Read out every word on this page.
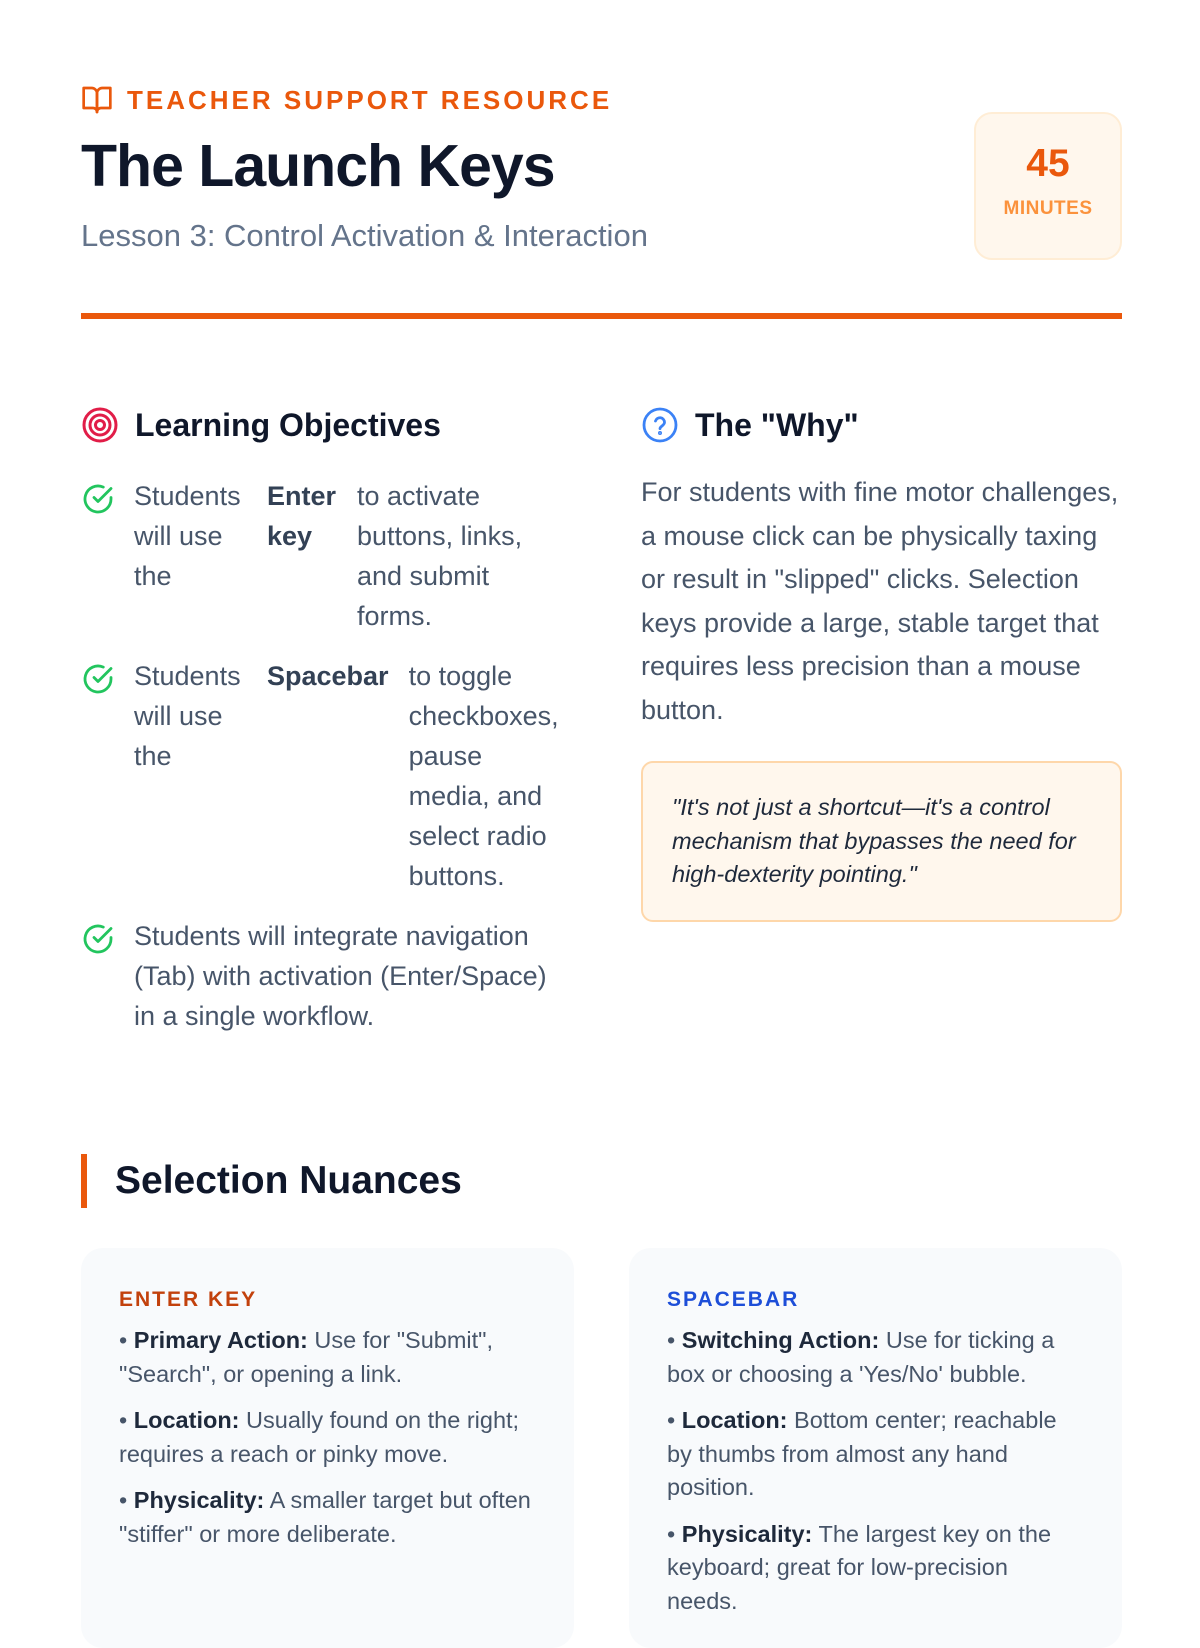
TEACHER SUPPORT RESOURCE
The Launch Keys
Lesson 3: Control Activation & Interaction
45
MINUTES
Learning Objectives
Students will use the
Enter key
to activate buttons, links, and submit forms.
Students will use the
Spacebar to toggle checkboxes, pause media, and select radio buttons.
Students will integrate navigation (Tab) with activation (Enter/Space) in a single workflow.
The "Why"
For students with fine motor challenges, a mouse click can be physically taxing or result in "slipped" clicks. Selection keys provide a large, stable target that requires less precision than a mouse button.
"It's not just a shortcut—it's a control mechanism that bypasses the need for high-dexterity pointing."
Selection Nuances
ENTER KEY
• Primary Action: Use for "Submit", "Search", or opening a link.
• Location: Usually found on the right; requires a reach or pinky move.
• Physicality: A smaller target but often "stiffer" or more deliberate.
SPACEBAR
• Switching Action: Use for ticking a box or choosing a 'Yes/No' bubble.
• Location: Bottom center; reachable by thumbs from almost any hand position.
• Physicality: The largest key on the keyboard; great for low-precision needs.
